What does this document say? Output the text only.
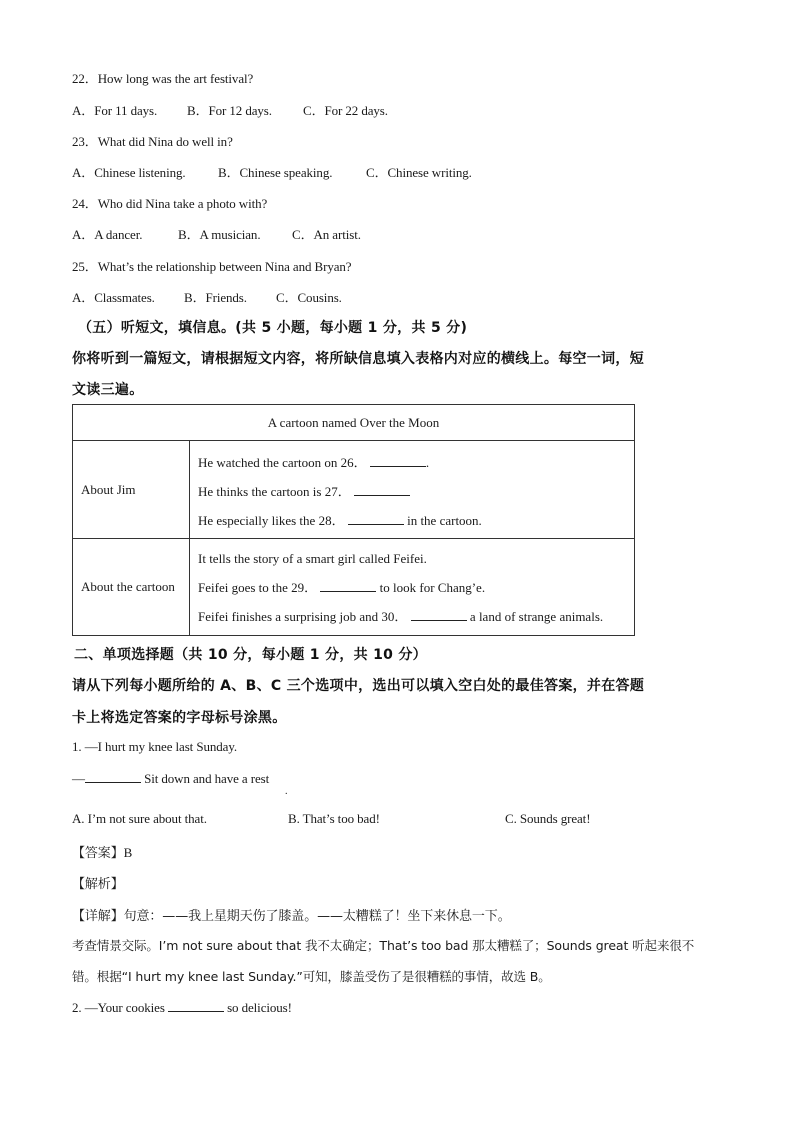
22．How long was the art festival?
A．For 11 days. B．For 12 days. C．For 22 days.
23．What did Nina do well in?
A．Chinese listening. B．Chinese speaking.	C．Chinese writing.
24．Who did Nina take a photo with?
A．A dancer.	B．A musician. C．An artist.
25．What’s the relationship between Nina and Bryan?
A．Classmates. B．Friends. C．Cousins.
（五）听短文，填信息。(共 5 小题，每小题 1 分，共 5 分)
你将听到一篇短文，请根据短文内容，将所缺信息填入表格内对应的横线上。每空一词，短
文读三遍。
A cartoon named Over the Moon	
About Jim	He watched the cartoon on 26． .
He thinks the cartoon is 27．
He especially likes the 28． in the cartoon.

About the cartoon	It tells the story of a smart girl called Feifei.
Feifei goes to the 29． to look for Chang’e.
Feifei finishes a surprising job and 30． a land of strange animals.
二、单项选择题（共 10 分，每小题 1 分，共 10 分）
请从下列每小题所给的 A、B、C 三个选项中，选出可以填入空白处的最佳答案，并在答题
卡上将选定答案的字母标号涂黑。
1. —I hurt my knee last Sunday.
—	Sit down and have a rest
.
A. I’m not sure about that.	B. That’s too bad!	C. Sounds great!
【答案】B
【解析】
【详解】句意：——我上星期天伤了膝盖。——太糟糕了！坐下来休息一下。
考查情景交际。I’m not sure about that 我不太确定；That’s too bad 那太糟糕了；Sounds great 听起来很不
错。根据“I hurt my knee last Sunday.”可知，膝盖受伤了是很糟糕的事情，故选 B。
2. —Your cookies	so delicious!
